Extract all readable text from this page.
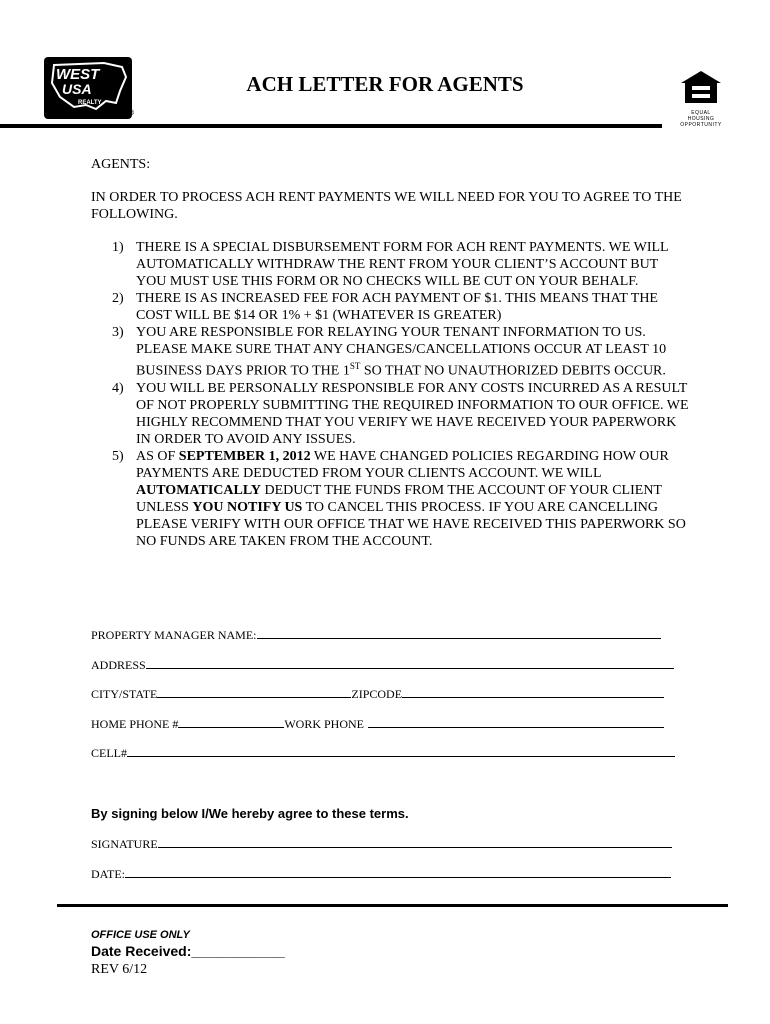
WEST
USA
REALTY
®
ACH LETTER FOR AGENTS
EQUAL HOUSING
OPPORTUNITY
AGENTS:
IN ORDER TO PROCESS ACH RENT PAYMENTS WE WILL NEED FOR YOU TO AGREE TO THE FOLLOWING.
1) THERE IS A SPECIAL DISBURSEMENT FORM FOR ACH RENT PAYMENTS. WE WILL AUTOMATICALLY WITHDRAW THE RENT FROM YOUR CLIENT’S ACCOUNT BUT YOU MUST USE THIS FORM OR NO CHECKS WILL BE CUT ON YOUR BEHALF.
2) THERE IS AS INCREASED FEE FOR ACH PAYMENT OF $1. THIS MEANS THAT THE COST WILL BE $14 OR 1% + $1 (WHATEVER IS GREATER)
3) YOU ARE RESPONSIBLE FOR RELAYING YOUR TENANT INFORMATION TO US. PLEASE MAKE SURE THAT ANY CHANGES/CANCELLATIONS OCCUR AT LEAST 10 BUSINESS DAYS PRIOR TO THE 1ST SO THAT NO UNAUTHORIZED DEBITS OCCUR.
4) YOU WILL BE PERSONALLY RESPONSIBLE FOR ANY COSTS INCURRED AS A RESULT OF NOT PROPERLY SUBMITTING THE REQUIRED INFORMATION TO OUR OFFICE. WE HIGHLY RECOMMEND THAT YOU VERIFY WE HAVE RECEIVED YOUR PAPERWORK IN ORDER TO AVOID ANY ISSUES.
5) AS OF SEPTEMBER 1, 2012 WE HAVE CHANGED POLICIES REGARDING HOW OUR PAYMENTS ARE DEDUCTED FROM YOUR CLIENTS ACCOUNT. WE WILL AUTOMATICALLY DEDUCT THE FUNDS FROM THE ACCOUNT OF YOUR CLIENT UNLESS YOU NOTIFY US TO CANCEL THIS PROCESS. IF YOU ARE CANCELLING PLEASE VERIFY WITH OUR OFFICE THAT WE HAVE RECEIVED THIS PAPERWORK SO NO FUNDS ARE TAKEN FROM THE ACCOUNT.
PROPERTY MANAGER NAME:
ADDRESS
CITY/STATE	ZIPCODE
HOME PHONE #	WORK PHONE
CELL#
By signing below I/We hereby agree to these terms.
SIGNATURE
DATE:
OFFICE USE ONLY
Date Received:____________
REV 6/12
